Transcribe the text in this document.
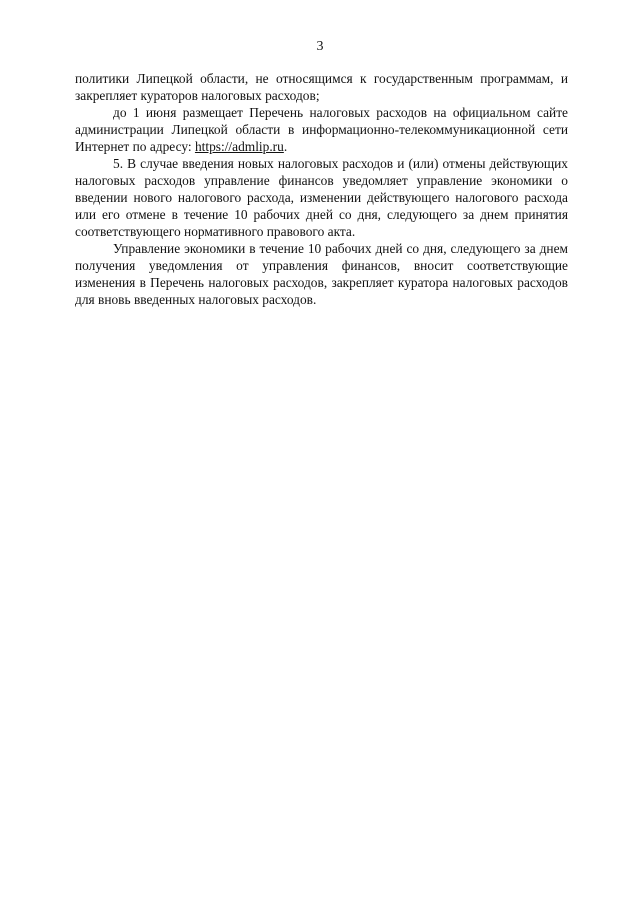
3

политики Липецкой области, не относящимся к государственным программам, и закрепляет кураторов налоговых расходов;

до 1 июня размещает Перечень налоговых расходов на официальном сайте администрации Липецкой области в информационно-телекоммуникационной сети Интернет по адресу: https://admlip.ru.

5. В случае введения новых налоговых расходов и (или) отмены действующих налоговых расходов управление финансов уведомляет управление экономики о введении нового налогового расхода, изменении действующего налогового расхода или его отмене в течение 10 рабочих дней со дня, следующего за днем принятия соответствующего нормативного правового акта.

Управление экономики в течение 10 рабочих дней со дня, следующего за днем получения уведомления от управления финансов, вносит соответствующие изменения в Перечень налоговых расходов, закрепляет куратора налоговых расходов для вновь введенных налоговых расходов.
